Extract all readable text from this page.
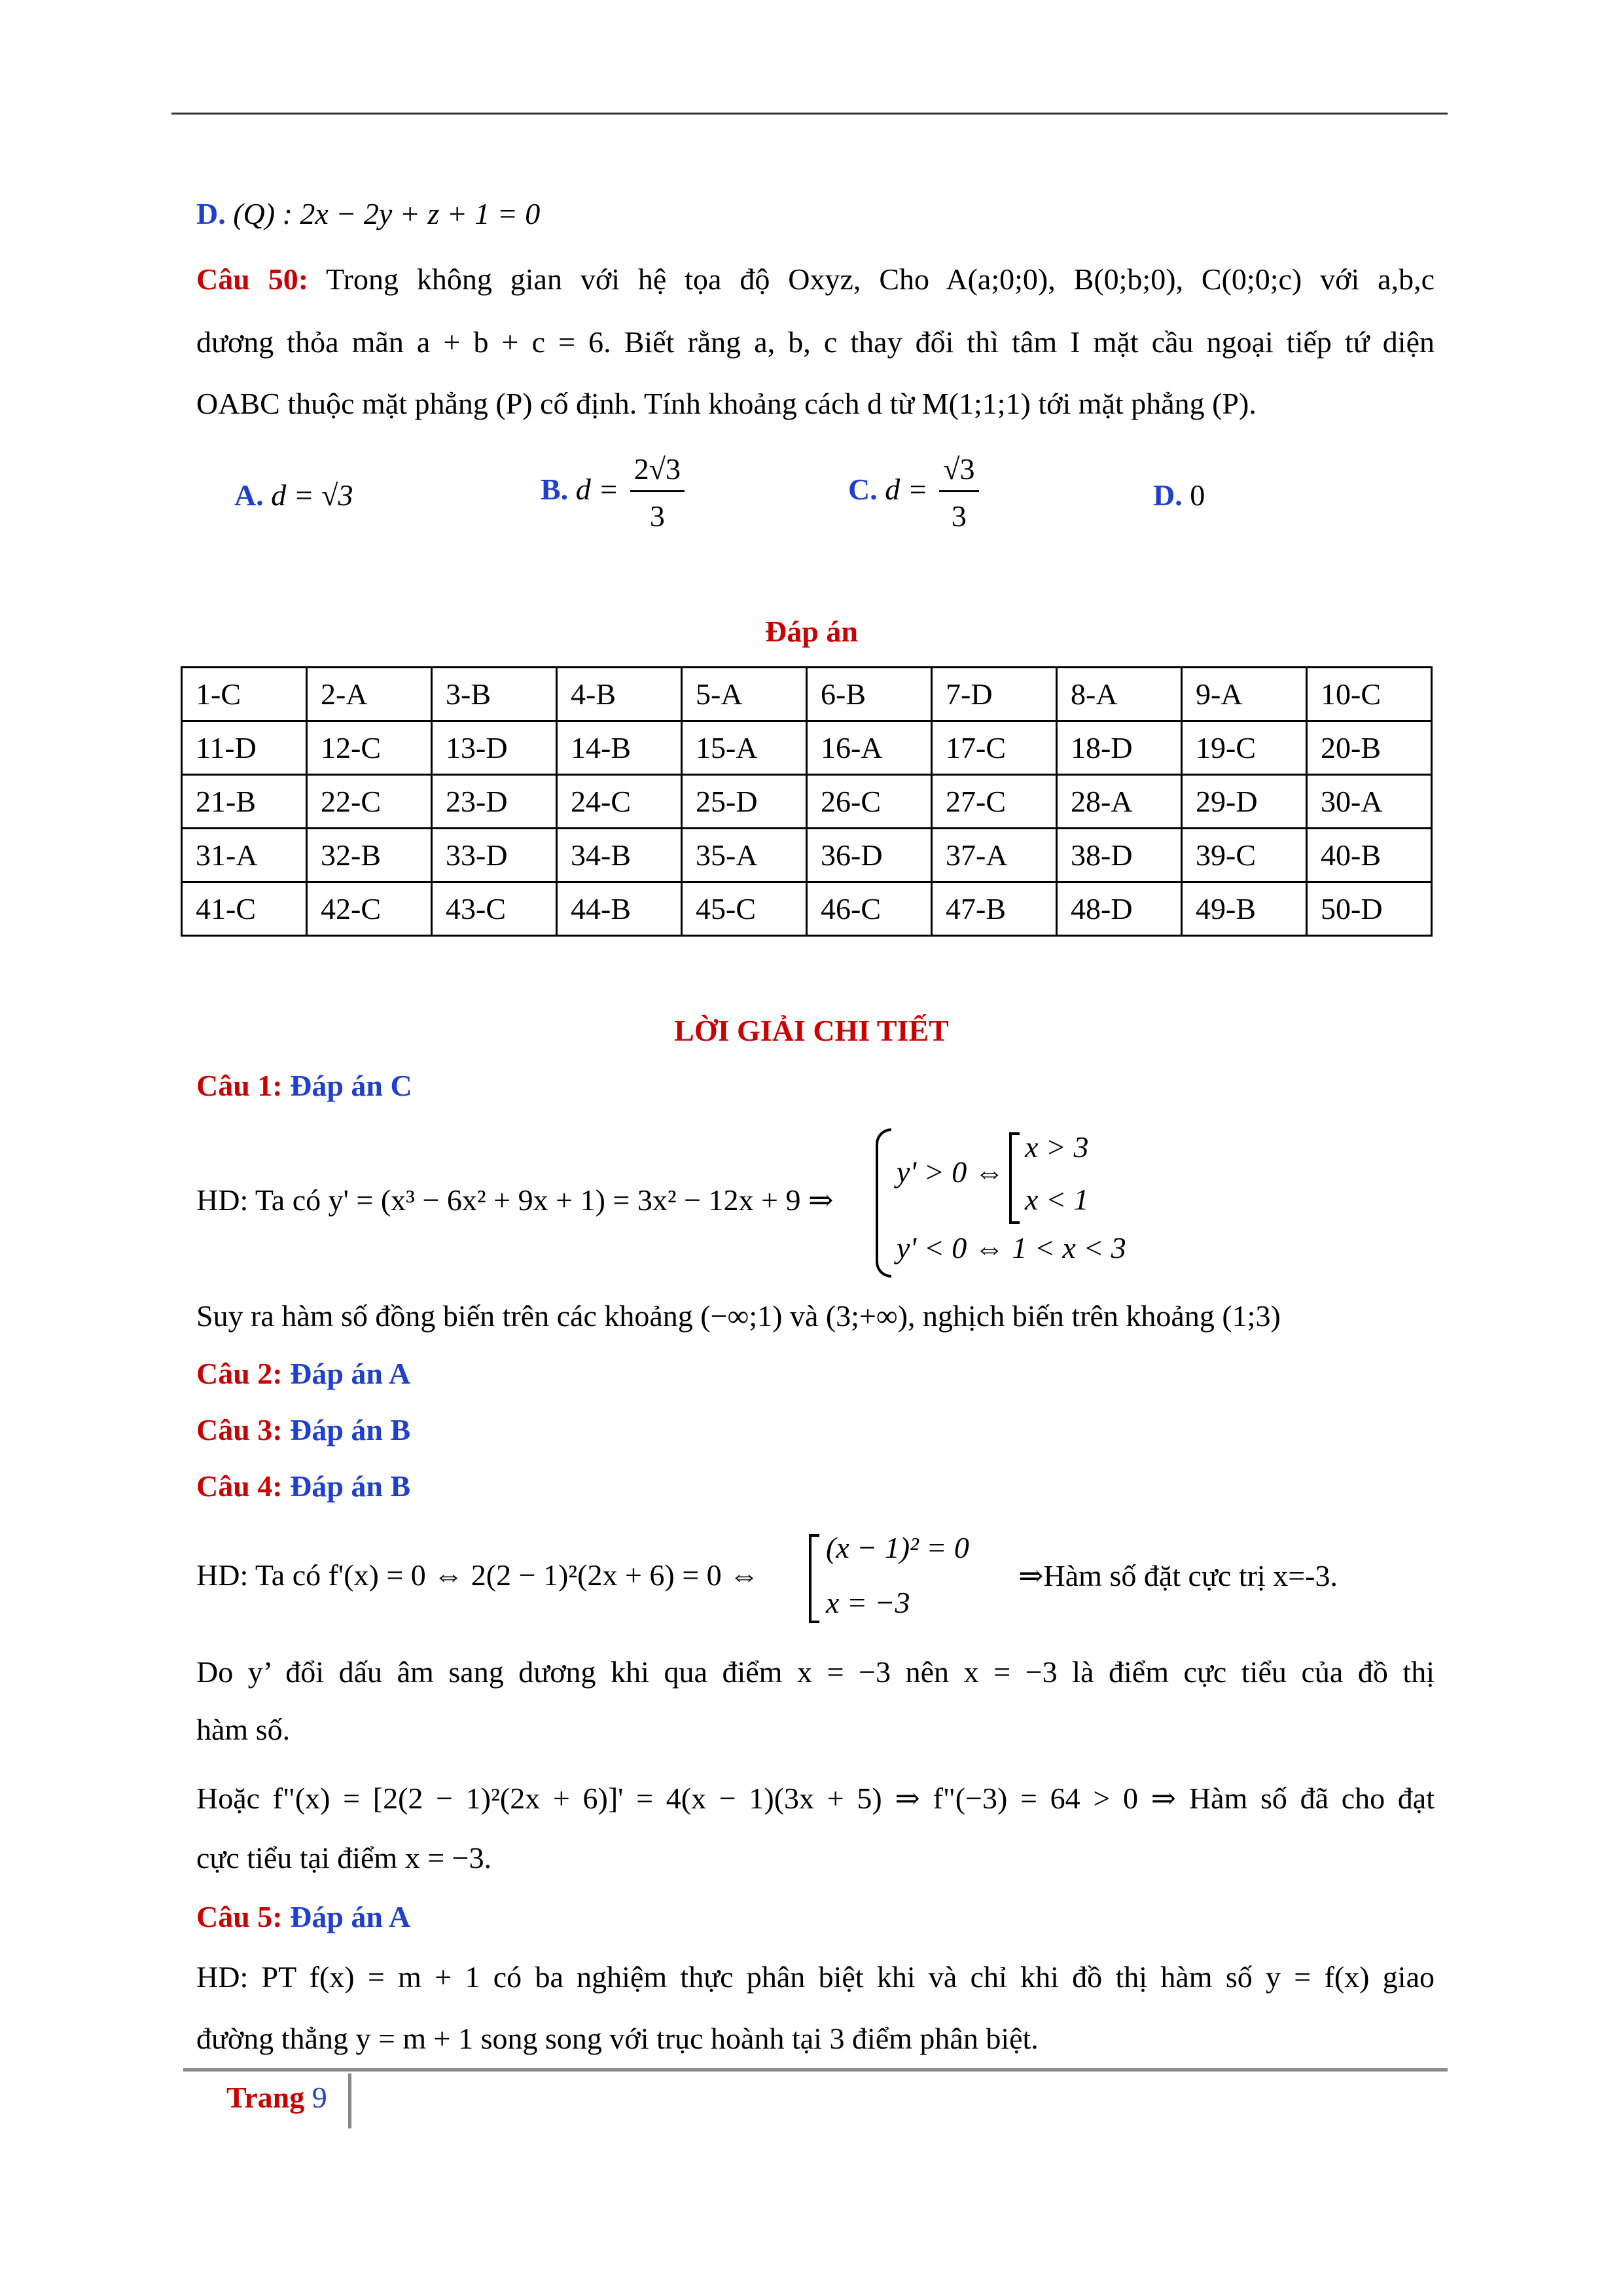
D. (Q) : 2x − 2y + z + 1 = 0
Câu 50: Trong không gian với hệ tọa độ Oxyz, Cho A(a;0;0), B(0;b;0), C(0;0;c) với a,b,c
dương thỏa mãn a + b + c = 6. Biết rằng a, b, c thay đổi thì tâm I mặt cầu ngoại tiếp tứ diện
OABC thuộc mặt phẳng (P) cố định. Tính khoảng cách d từ M(1;1;1) tới mặt phẳng (P).
A. d = √3	B. $d = \frac{2√3}{3}$	C. $d = \frac{√3}{3}$	D. 0
Đáp án
1-C	2-A	3-B	4-B	5-A	6-B	7-D	8-A	9-A	10-C
11-D	12-C	13-D	14-B	15-A	16-A	17-C	18-D	19-C	20-B
21-B	22-C	23-D	24-C	25-D	26-C	27-C	28-A	29-D	30-A
31-A	32-B	33-D	34-B	35-A	36-D	37-A	38-D	39-C	40-B
41-C	42-C	43-C	44-B	45-C	46-C	47-B	48-D	49-B	50-D
LỜI GIẢI CHI TIẾT
Câu 1: Đáp án C
HD: Ta có y' = (x³ − 6x² + 9x + 1) = 3x² − 12x + 9 ⇒
y' > 0 ⇔
x > 3
x < 1
y' < 0 ⇔ 1 < x < 3
Suy ra hàm số đồng biến trên các khoảng (−∞;1) và (3;+∞), nghịch biến trên khoảng (1;3)
Câu 2: Đáp án A
Câu 3: Đáp án B
Câu 4: Đáp án B
HD: Ta có f'(x) = 0 ⇔ 2(2 − 1)²(2x + 6) = 0 ⇔
(x − 1)² = 0
x = −3
⇒Hàm số đặt cực trị x=-3.
Do y’ đổi dấu âm sang dương khi qua điểm x = −3 nên x = −3 là điểm cực tiểu của đồ thị
hàm số.
Hoặc f"(x) = [2(2 − 1)²(2x + 6)]' = 4(x − 1)(3x + 5) ⇒ f"(−3) = 64 > 0 ⇒ Hàm số đã cho đạt
cực tiểu tại điểm x = −3.
Câu 5: Đáp án A
HD: PT f(x) = m + 1 có ba nghiệm thực phân biệt khi và chỉ khi đồ thị hàm số y = f(x) giao
đường thẳng y = m + 1 song song với trục hoành tại 3 điểm phân biệt.
Trang 9
